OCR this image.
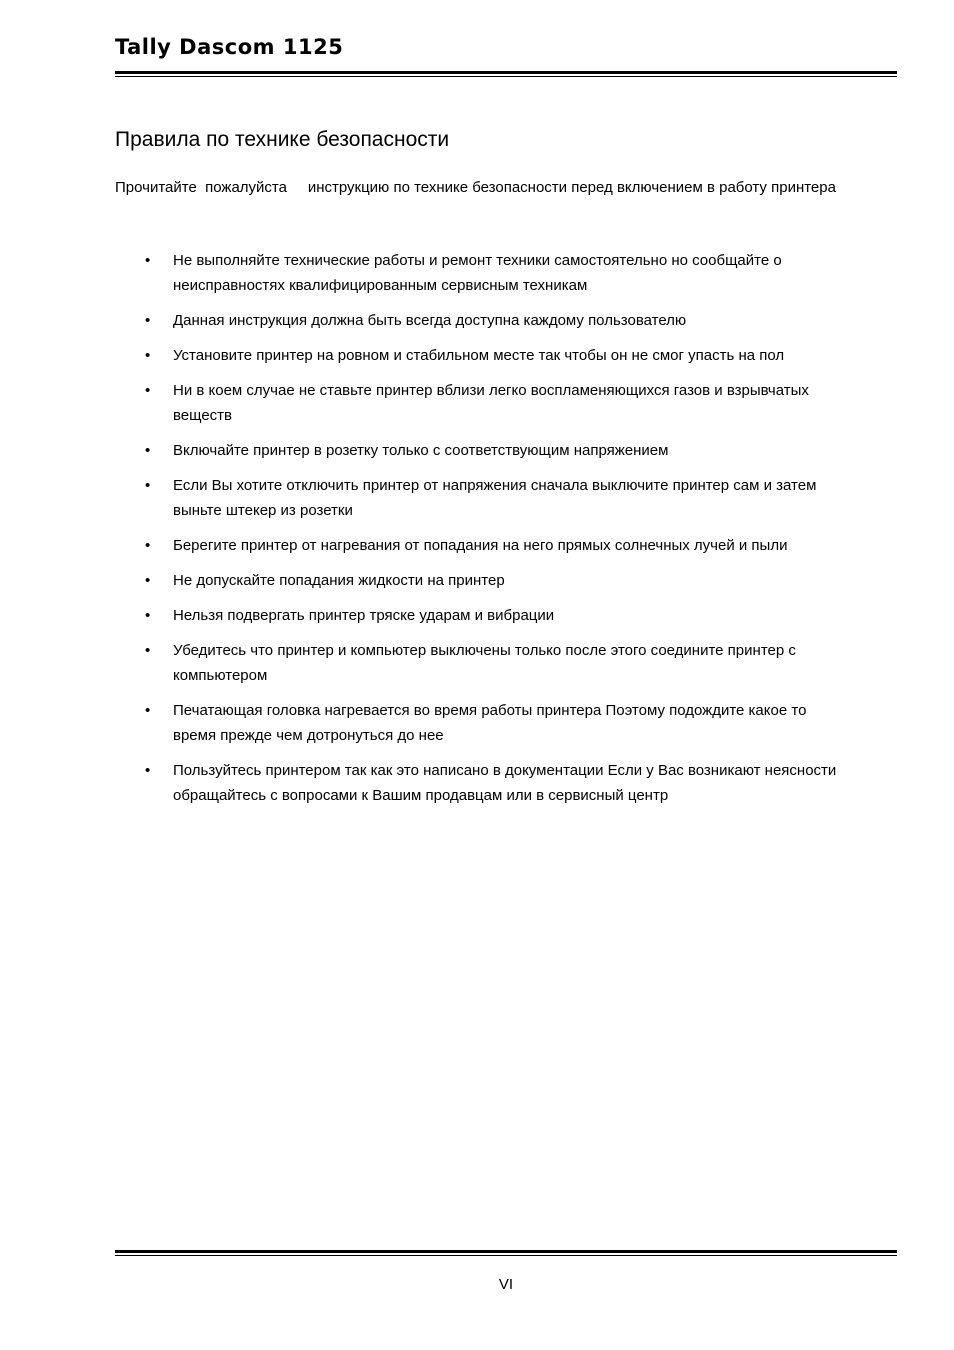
Tally Dascom 1125
Правила по технике безопасности
Прочитайте  пожалуйста     инструкцию по технике безопасности перед включением в работу принтера
• Не выполняйте технические работы и ремонт техники самостоятельно но сообщайте о
неисправностях квалифицированным сервисным техникам
• Данная инструкция должна быть всегда доступна каждому пользователю
• Установите принтер на ровном и стабильном месте так чтобы он не смог упасть на пол
• Ни в коем случае не ставьте принтер вблизи легко воспламеняющихся газов и взрывчатых
веществ
• Включайте принтер в розетку только с соответствующим напряжением
• Если Вы хотите отключить принтер от напряжения сначала выключите принтер сам и затем
выньте штекер из розетки
• Берегите принтер от нагревания от попадания на него прямых солнечных лучей и пыли
• Не допускайте попадания жидкости на принтер
• Нельзя подвергать принтер тряске ударам и вибрации
• Убедитесь что принтер и компьютер выключены только после этого соедините принтер с
компьютером
• Печатающая головка нагревается во время работы принтера Поэтому подождите какое то
время прежде чем дотронуться до нее
• Пользуйтесь принтером так как это написано в документации Если у Вас возникают неясности
обращайтесь с вопросами к Вашим продавцам или в сервисный центр
VI
